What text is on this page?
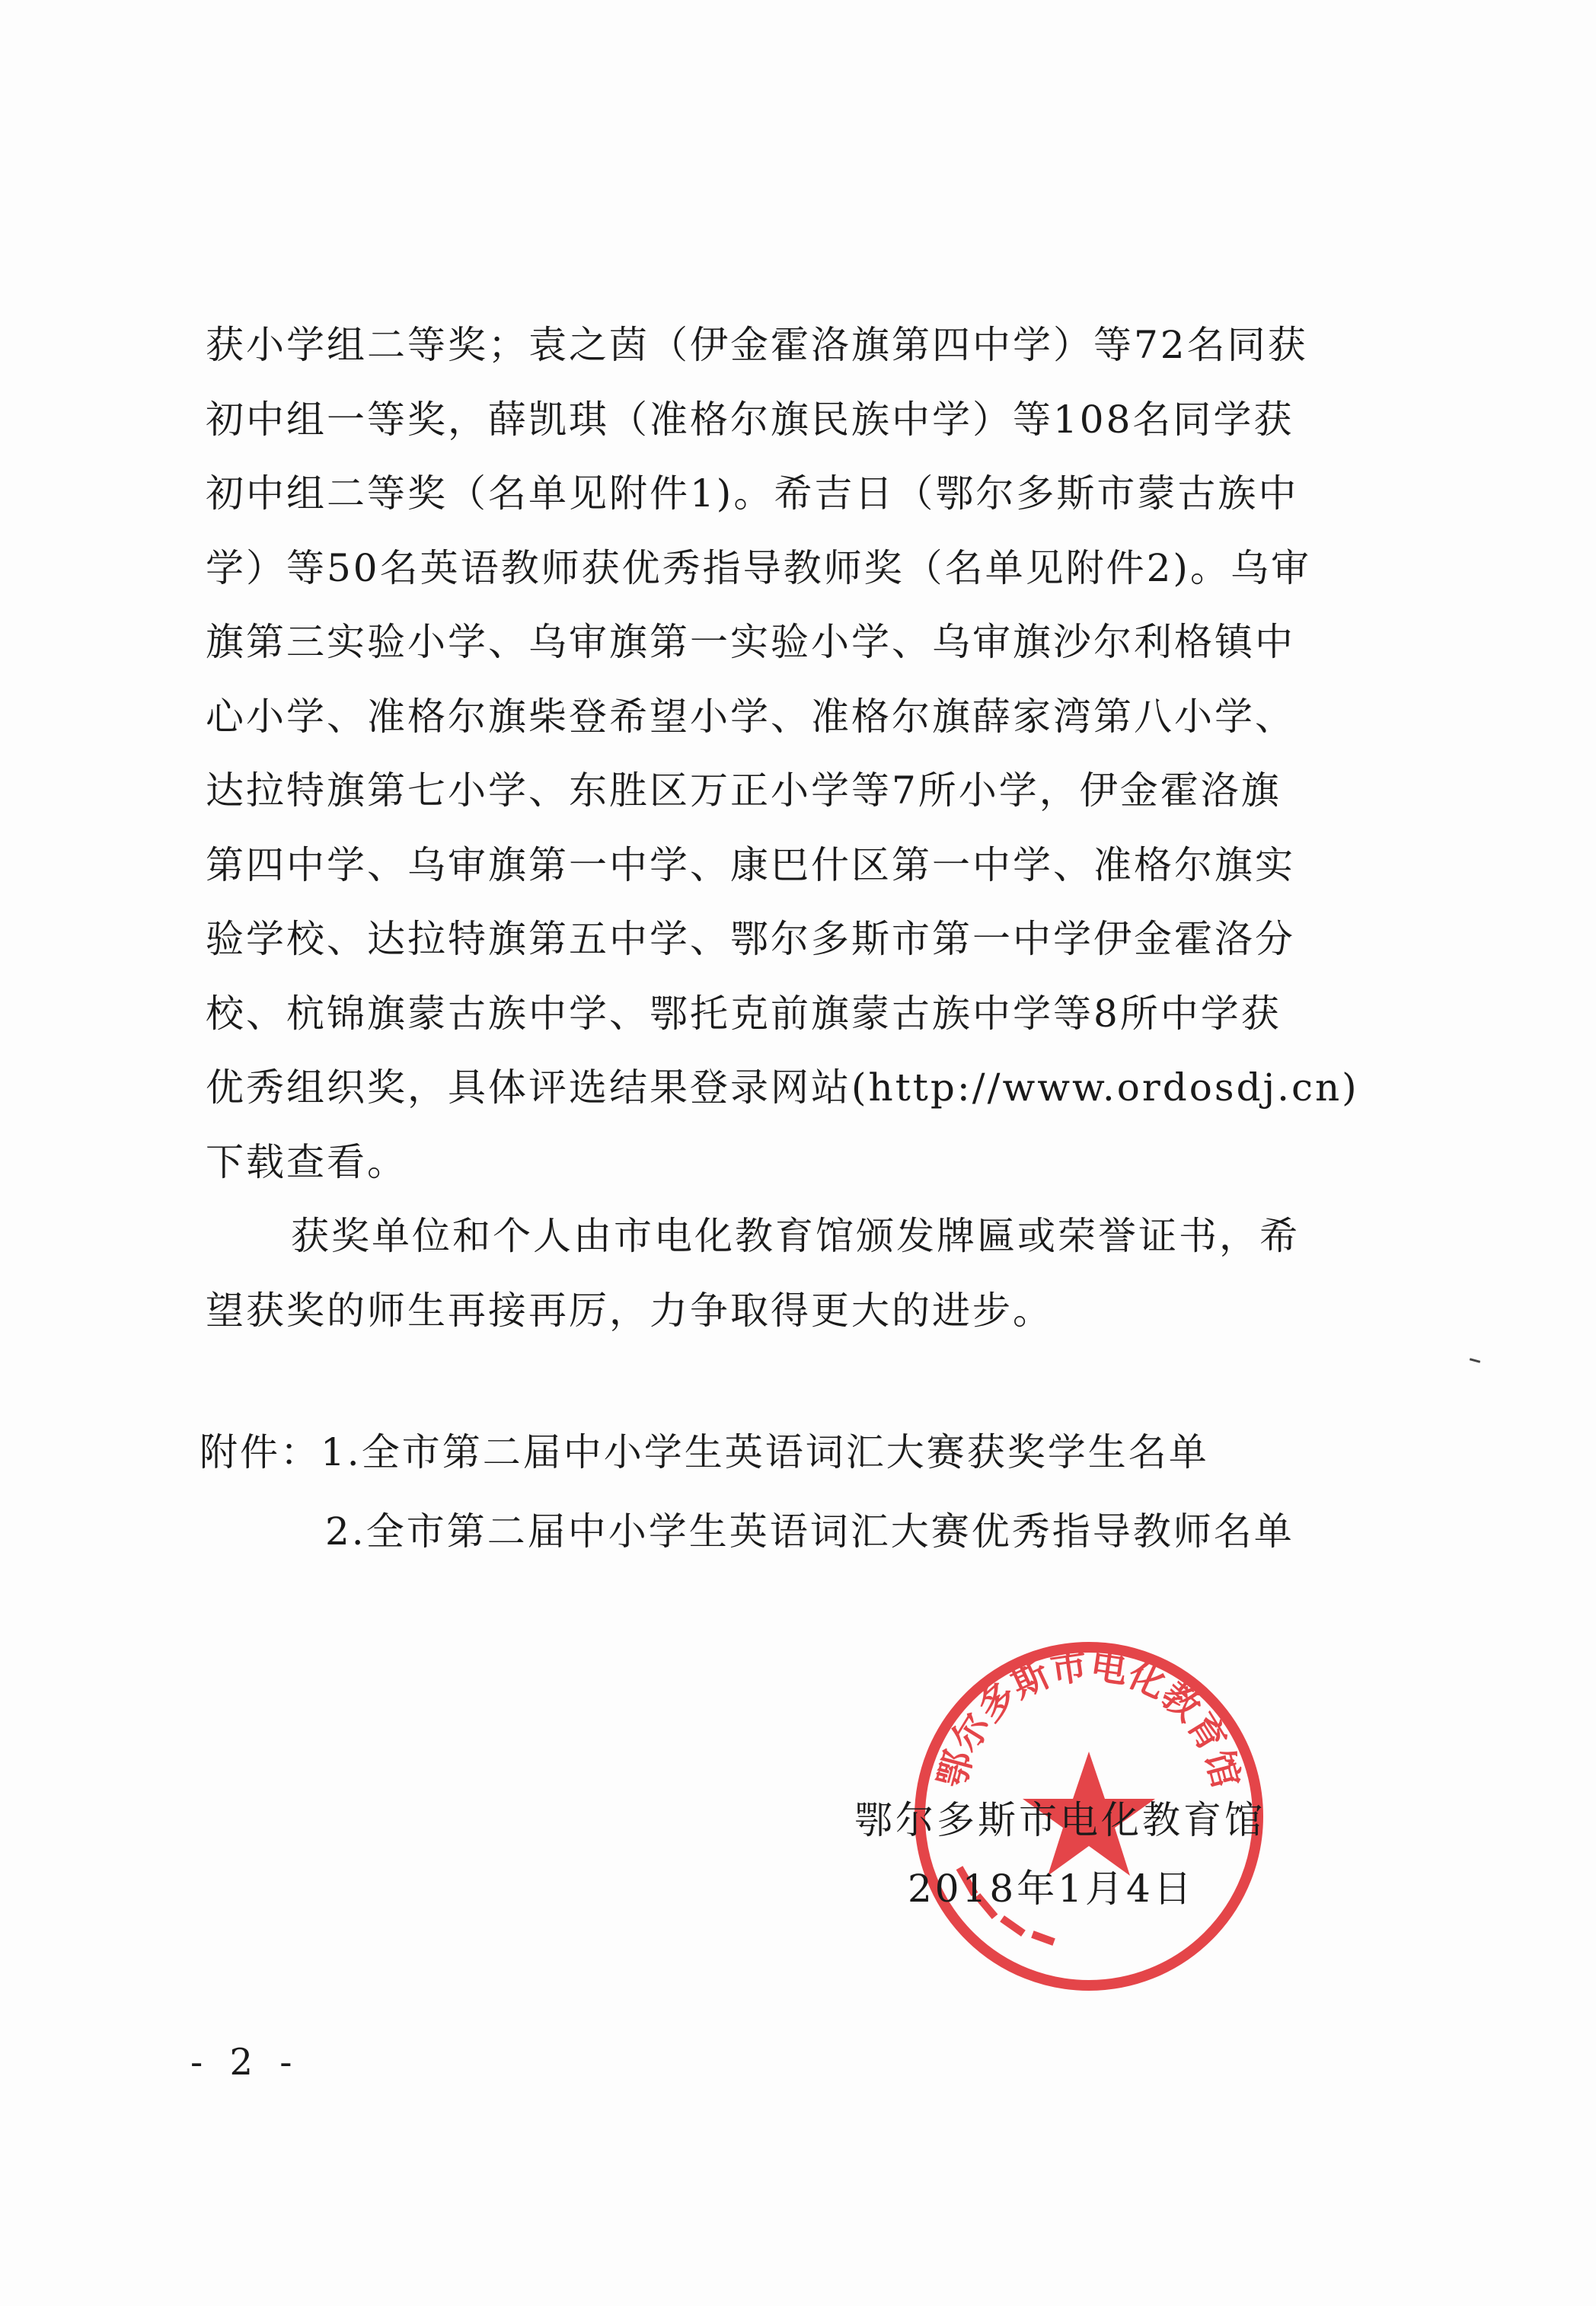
获小学组二等奖；袁之茵（伊金霍洛旗第四中学）等72名同获
初中组一等奖，薛凯琪（准格尔旗民族中学）等108名同学获
初中组二等奖（名单见附件1)。希吉日（鄂尔多斯市蒙古族中
学）等50名英语教师获优秀指导教师奖（名单见附件2)。乌审
旗第三实验小学、乌审旗第一实验小学、乌审旗沙尔利格镇中
心小学、准格尔旗柴登希望小学、准格尔旗薛家湾第八小学、
达拉特旗第七小学、东胜区万正小学等7所小学，伊金霍洛旗
第四中学、乌审旗第一中学、康巴什区第一中学、准格尔旗实
验学校、达拉特旗第五中学、鄂尔多斯市第一中学伊金霍洛分
校、杭锦旗蒙古族中学、鄂托克前旗蒙古族中学等8所中学获
优秀组织奖，具体评选结果登录网站(http://www.ordosdj.cn)
下载查看。
获奖单位和个人由市电化教育馆颁发牌匾或荣誉证书，希
望获奖的师生再接再厉，力争取得更大的进步。
附件：1.全市第二届中小学生英语词汇大赛获奖学生名单
2.全市第二届中小学生英语词汇大赛优秀指导教师名单
鄂尔多斯市电化教育馆
鄂尔多斯市电化教育馆
2018年1月4日
- 2 -
